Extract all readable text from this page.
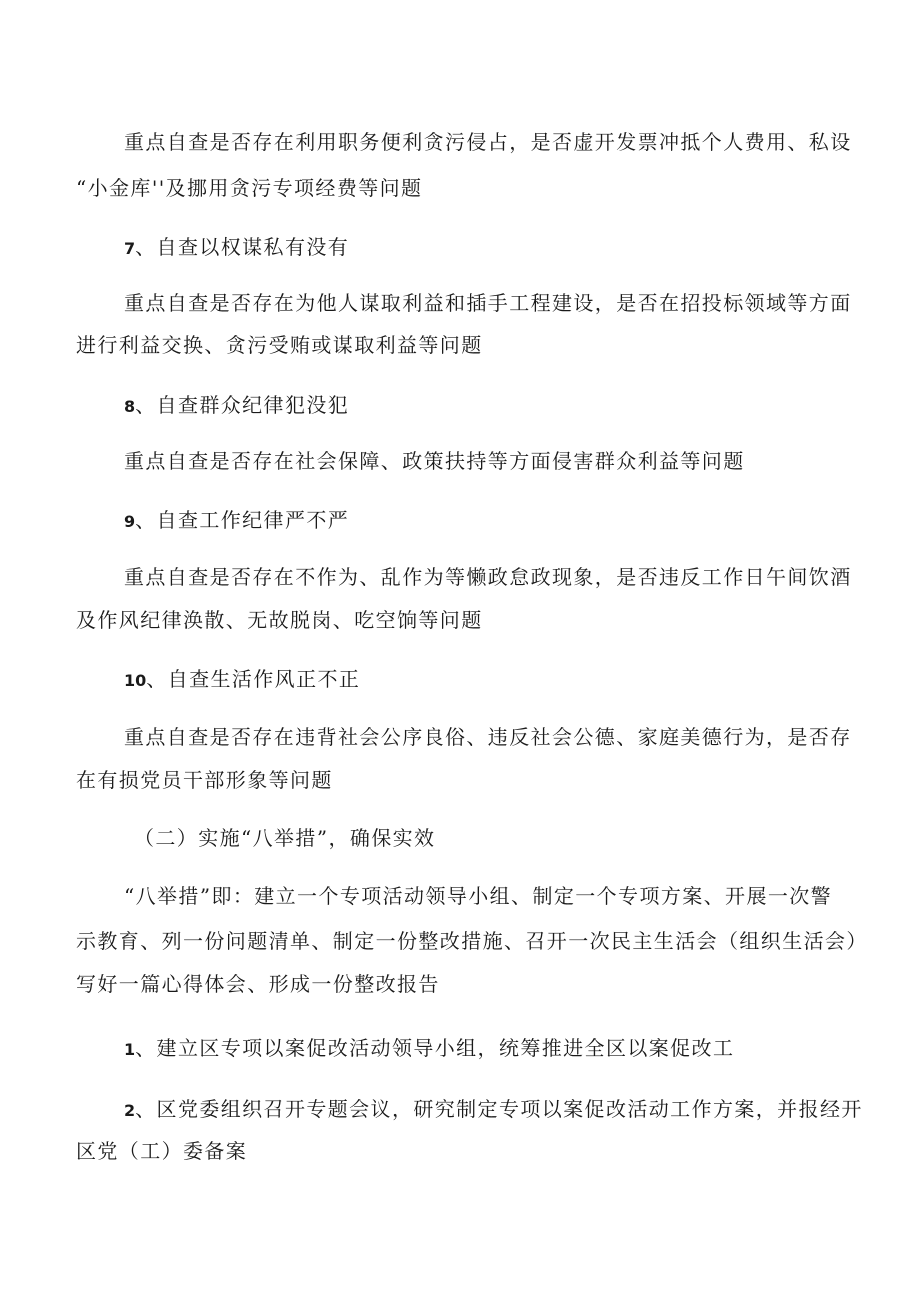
重点自查是否存在利用职务便利贪污侵占，是否虚开发票冲抵个人费用、私设
“小金库''及挪用贪污专项经费等问题
7、自查以权谋私有没有
重点自查是否存在为他人谋取利益和插手工程建设，是否在招投标领域等方面
进行利益交换、贪污受贿或谋取利益等问题
8、自查群众纪律犯没犯
重点自查是否存在社会保障、政策扶持等方面侵害群众利益等问题
9、自查工作纪律严不严
重点自查是否存在不作为、乱作为等懒政怠政现象，是否违反工作日午间饮酒
及作风纪律涣散、无故脱岗、吃空饷等问题
10、自查生活作风正不正
重点自查是否存在违背社会公序良俗、违反社会公德、家庭美德行为，是否存
在有损党员干部形象等问题
（二）实施“八举措”，确保实效
“八举措”即：建立一个专项活动领导小组、制定一个专项方案、开展一次警
示教育、列一份问题清单、制定一份整改措施、召开一次民主生活会（组织生活会）
写好一篇心得体会、形成一份整改报告
1、建立区专项以案促改活动领导小组，统筹推进全区以案促改工
2、区党委组织召开专题会议，研究制定专项以案促改活动工作方案，并报经开
区党（工）委备案
